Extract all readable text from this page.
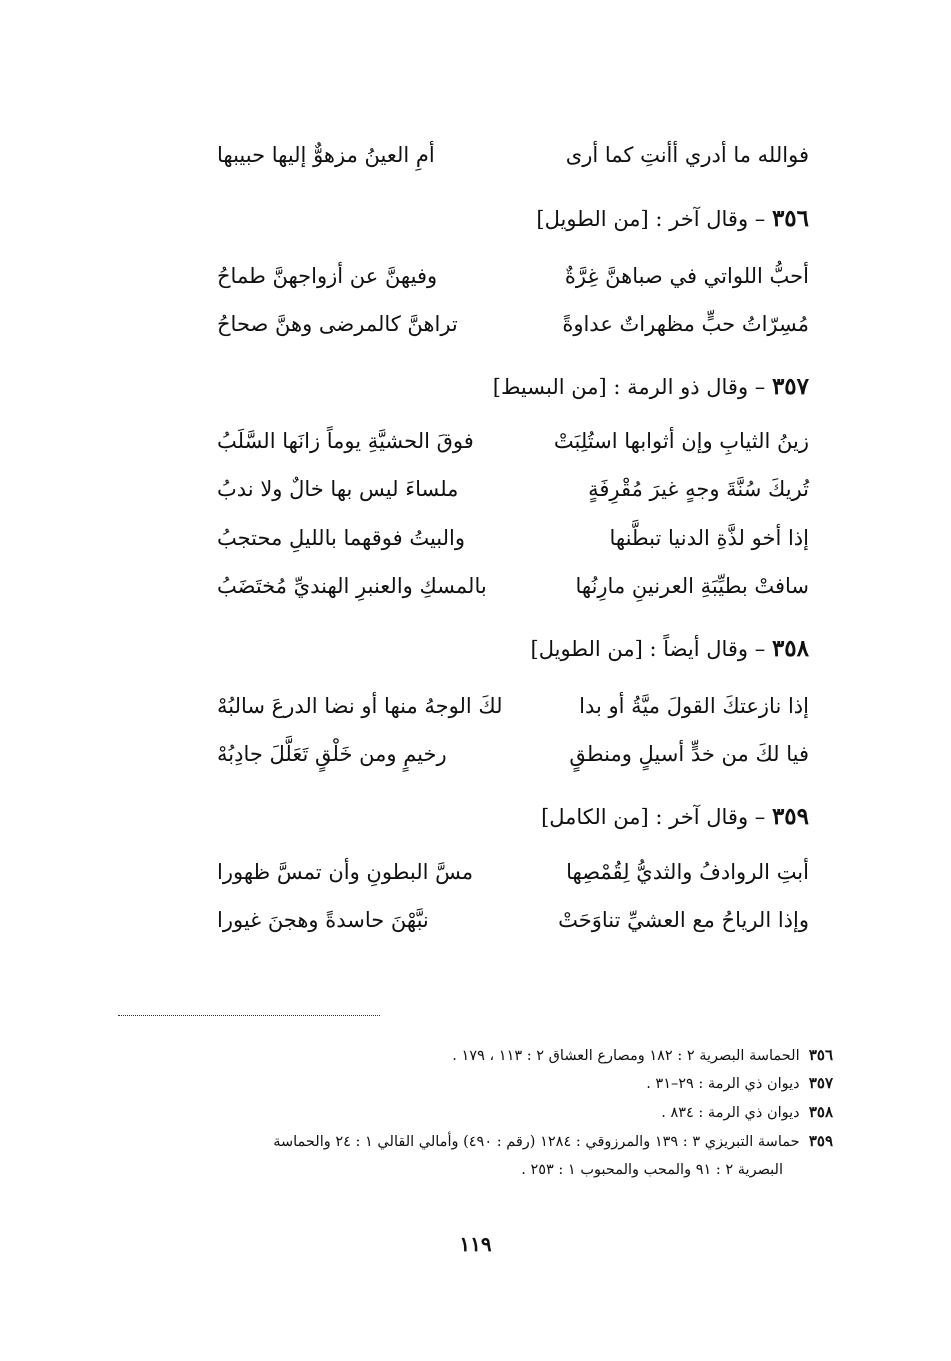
فوالله ما أدري أأنتِ كما أرى
أمِ العينُ مزهوٌّ إليها حبيبها
٣٥٦ – وقال آخر : [من الطويل]
أحبُّ اللواتي في صباهنَّ غِرَّةٌ
وفيهنَّ عن أزواجهنَّ طماحُ
مُسِرّاتُ حبٍّ مظهراتٌ عداوةً
تراهنَّ كالمرضى وهنَّ صحاحُ
٣٥٧ – وقال ذو الرمة : [من البسيط]
زينُ الثيابِ وإن أثوابها استُلِبَتْ
فوقَ الحشيَّةِ يوماً زانَها السَّلَبُ
تُريكَ سُنَّةَ وجهٍ غيرَ مُقْرِفَةٍ
ملساءَ ليس بها خالٌ ولا ندبُ
إذا أخو لذَّةِ الدنيا تبطَّنها
والبيتُ فوقهما بالليلِ محتجبُ
سافتْ بطيِّبَةِ العرنينِ مارِنُها
بالمسكِ والعنبرِ الهنديِّ مُختَضَبُ
٣٥٨ – وقال أيضاً : [من الطويل]
إذا نازعتكَ القولَ ميَّةُ أو بدا
لكَ الوجهُ منها أو نضا الدرعَ سالبُهْ
فيا لكَ من خدٍّ أسيلٍ ومنطقٍ
رخيمٍ ومن خَلْقٍ تَعَلَّلَ جادِبُهْ
٣٥٩ – وقال آخر : [من الكامل]
أبتِ الروادفُ والثديُّ لِقُمْصِها
مسَّ البطونِ وأن تمسَّ ظهورا
وإذا الرياحُ مع العشيِّ تناوَحَتْ
نبَّهْنَ حاسدةً وهجنَ غيورا
٣٥٦  الحماسة البصرية ٢ : ١٨٢ ومصارع العشاق ٢ : ١١٣ ، ١٧٩ .
٣٥٧  ديوان ذي الرمة : ٢٩–٣١ .
٣٥٨  ديوان ذي الرمة : ٨٣٤ .
٣٥٩  حماسة التبريزي ٣ : ١٣٩ والمرزوقي : ١٢٨٤ (رقم : ٤٩٠) وأمالي القالي ١ : ٢٤ والحماسة
البصرية ٢ : ٩١ والمحب والمحبوب ١ : ٢٥٣ .
١١٩
